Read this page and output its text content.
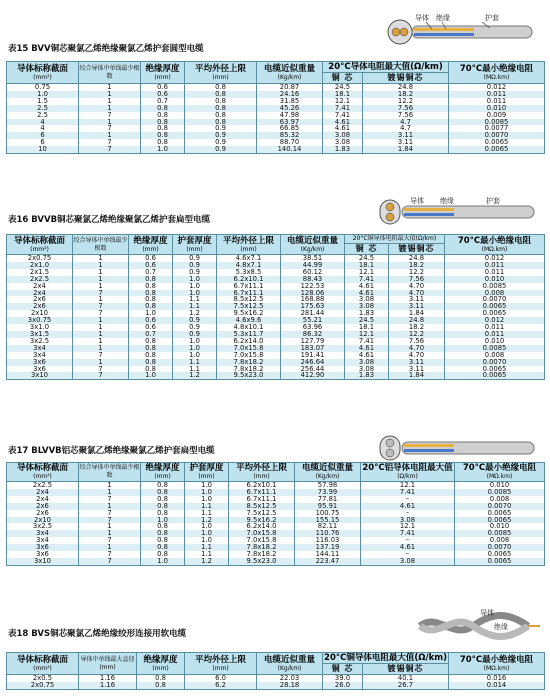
导体 绝缘	护套
表15 BVV铜芯聚氯乙烯绝缘聚氯乙烯护套圆型电缆
导体标称截面
(mm²)	绞合导体中单线最少根数	绝缘厚度
(mm)	平均外径上限
(mm)	电缆近似重量
(Kg/km)	20°C导体电阻最大值(Ω/km)		70°C最小绝缘电阻
(MΩ.km)

					铜 芯	镀锡铜芯	
0.75	1	0.6	0.8	20.87	24.5	24.8	0.012
1.0	1	0.6	0.8	24.16	18.1	18.2	0.011
1.5	1	0.7	0.8	31.85	12.1	12.2	0.011
2.5	1	0.8	0.8	45.26	7.41	7.56	0.010
2.5	7	0.8	0.8	47.98	7.41	7.56	0.009
4	1	0.8	0.8	63.97	4.61	4.7	0.0085
4	7	0.8	0.9	66.85	4.61	4.7	0.0077
6	1	0.8	0.9	85.32	3.08	3.11	0.0070
6	7	0.8	0.9	88.70	3.08	3.11	0.0065
10	7	1.0	0.9	140.14	1.83	1.84	0.0065
导体 绝缘	护套
表16 BVVB铜芯聚氯乙烯绝缘聚氯乙烯护套扁型电缆
导体标称截面
(mm²)	绞合导体中单线最少根数	绝缘厚度
(mm)	护套厚度
(mm)	平均外径上限
(mm)	电缆近似重量
(Kg/km)	20°C铜导体电阻最大值(Ω/km)		70°C最小绝缘电阻
(MΩ.km)

						铜 芯	镀锡铜芯	
2x0.75	1	0.6	0.9	4.6x7.1	38.51	24.5	24.8	0.012
2x1.0	1	0.6	0.9	4.8x7.1	44.99	18.1	18.2	0.011
2x1.5	1	0.7	0.9	5.3x8.5	60.12	12.1	12.2	0.011
2x2.5	1	0.8	1.0	6.2x10.1	88.43	7.41	7.56	0.010
2x4	1	0.8	1.0	6.7x11.1	122.53	4.61	4.70	0.0085
2x4	7	0.8	1.0	6.7x11.1	128.06	4.61	4.70	0.008
2x6	1	0.8	1.1	8.5x12.5	168.88	3.08	3.11	0.0070
2x6	7	0.8	1.1	7.5x12.5	175.63	3.08	3.11	0.0065
2x10	7	1.0	1.2	9.5x16.2	281.44	1.83	1.84	0.0065
3x0.75	1	0.6	0.9	4.6x9.6	55.21	24.5	24.8	0.012
3x1.0	1	0.6	0.9	4.8x10.1	63.96	18.1	18.2	0.011
3x1.5	1	0.7	0.9	5.3x11.7	86.32	12.1	12.2	0.011
3x2.5	1	0.8	1.0	6.2x14.0	127.79	7.41	7.56	0.010
3x4	1	0.8	1.0	7.0x15.8	183.07	4.61	4.70	0.0085
3x4	7	0.8	1.0	7.0x15.8	191.41	4.61	4.70	0.008
3x6	1	0.8	1.1	7.8x18.2	246.64	3.08	3.11	0.0070
3x6	7	0.8	1.1	7.8x18.2	256.44	3.08	3.11	0.0065
3x10	7	1.0	1.2	9.5x23.0	412.90	1.83	1.84	0.0065
表17 BLVVB铝芯聚氯乙烯绝缘聚氯乙烯护套扁型电缆
导体标称截面
(mm²)	绞合导体中单线最少根数	绝缘厚度
(mm)	护套厚度
(mm)	平均外径上限
(mm)	电缆近似重量
(Kg/km)	20°C铝导体电阻最大值
(Ω/km)	70°C最小绝缘电阻
(MΩ.km)

2x2.5	1	0.8	1.0	6.2x10.1	57.98	12.1	0.010
2x4	1	0.8	1.0	6.7x11.1	73.99	7.41	0.0085
2x4	7	0.8	1.0	6.7x11.1	77.81	–	0.008
2x6	1	0.8	1.1	8.5x12.5	95.91	4.61	0.0070
2x6	7	0.8	1.1	7.5x12.5	100.75	–	0.0065
2x10	7	1.0	1.2	9.5x16.2	155.15	3.08	0.0065
3x2.5	1	0.8	1.0	6.2x14.0	82.11	12.1	0.010
3x4	1	0.8	1.0	7.0x15.8	110.76	7.41	0.0085
3x4	7	0.8	1.0	7.0x15.8	116.03	–	0.008
3x6	1	0.8	1.1	7.8x18.2	137.19	4.61	0.0070
3x6	7	0.8	1.1	7.8x18.2	144.11	–	0.0065
3x10	7	1.0	1.2	9.5x23.0	223.47	3.08	0.0065
导体
绝缘
表18 BVS铜芯聚氯乙烯绝缘绞形连接用软电缆
导体标称截面
(mm²)	导体中单线最大直径
(mm)	绝缘厚度
(mm)	平均外径上限
(mm)	电缆近似重量
(Kg/km)	20°C铜导体电阻最大值(Ω/km)		70°C最小绝缘电阻
(MΩ.km)

					铜 芯	镀锡铜芯	
2x0.5	1.16	0.8	6.0	22.03	39.0	40.1	0.016
2x0.75	1.16	0.8	6.2	28.18	26.0	26.7	0.014
